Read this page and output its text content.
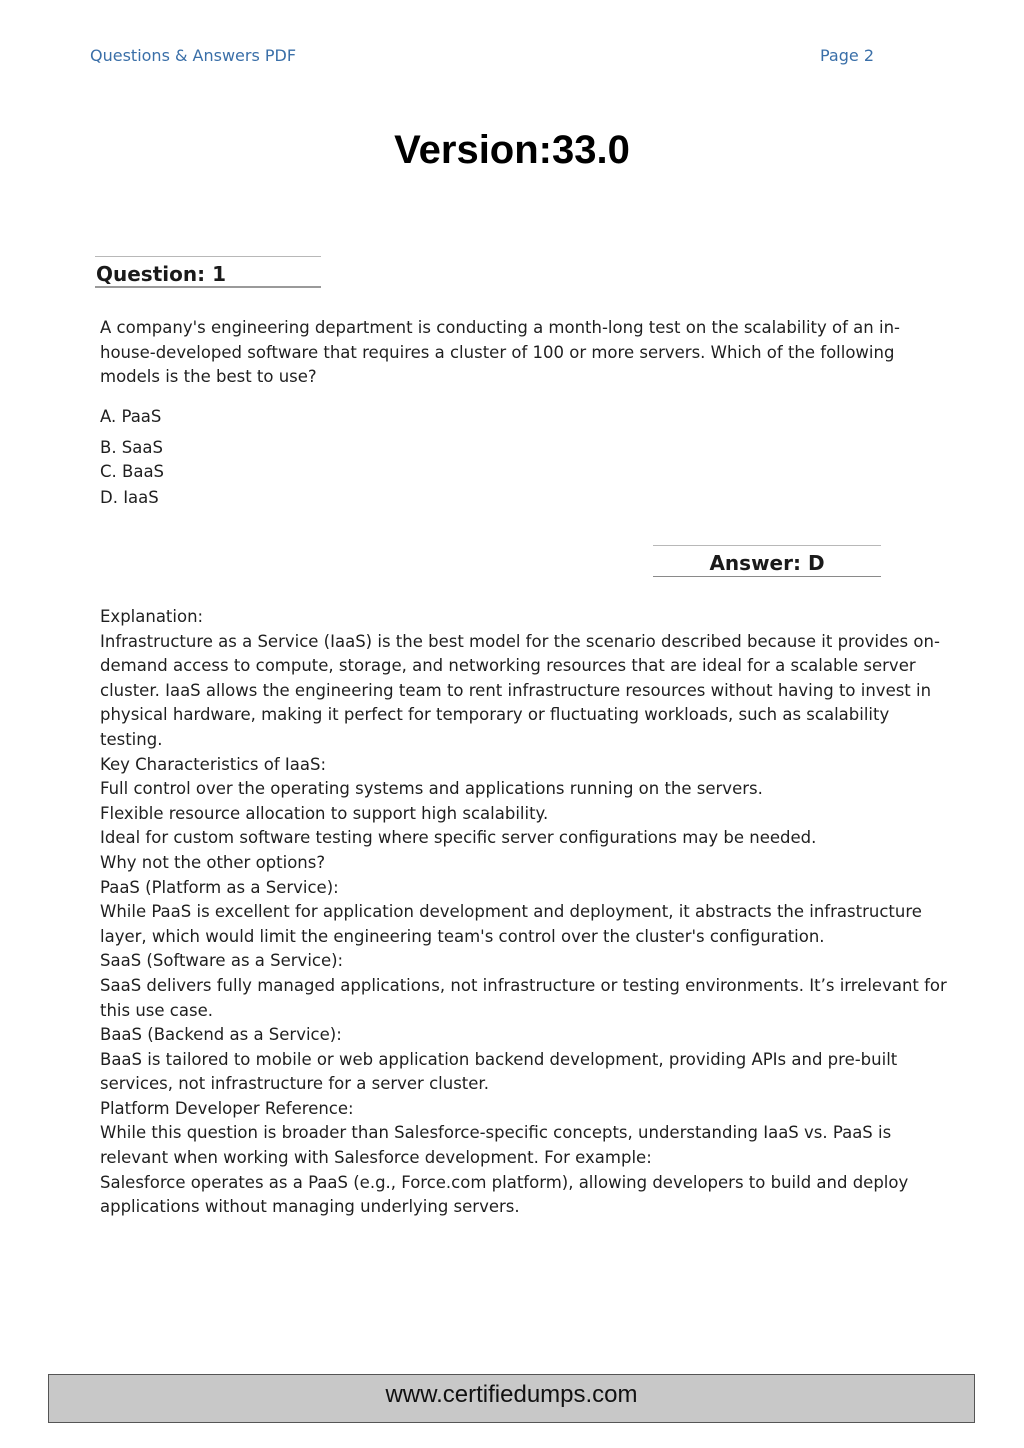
Questions & Answers PDF	Page 2
Version:33.0
Question: 1
A company's engineering department is conducting a month-long test on the scalability of an in-house-developed software that requires a cluster of 100 or more servers. Which of the following models is the best to use?
A. PaaS
B. SaaS
C. BaaS
D. IaaS
Answer: D

Explanation:

Infrastructure as a Service (IaaS) is the best model for the scenario described because it provides on-demand access to compute, storage, and networking resources that are ideal for a scalable server cluster. IaaS allows the engineering team to rent infrastructure resources without having to invest in physical hardware, making it perfect for temporary or fluctuating workloads, such as scalability testing.

Key Characteristics of IaaS:

Full control over the operating systems and applications running on the servers.

Flexible resource allocation to support high scalability.

Ideal for custom software testing where specific server configurations may be needed.

Why not the other options?

PaaS (Platform as a Service):

While PaaS is excellent for application development and deployment, it abstracts the infrastructure layer, which would limit the engineering team's control over the cluster's configuration.

SaaS (Software as a Service):

SaaS delivers fully managed applications, not infrastructure or testing environments. It’s irrelevant for this use case.

BaaS (Backend as a Service):

BaaS is tailored to mobile or web application backend development, providing APIs and pre-built services, not infrastructure for a server cluster.

Platform Developer Reference:

While this question is broader than Salesforce-specific concepts, understanding IaaS vs. PaaS is relevant when working with Salesforce development. For example:

Salesforce operates as a PaaS (e.g., Force.com platform), allowing developers to build and deploy applications without managing underlying servers.

www.certifiedumps.com
